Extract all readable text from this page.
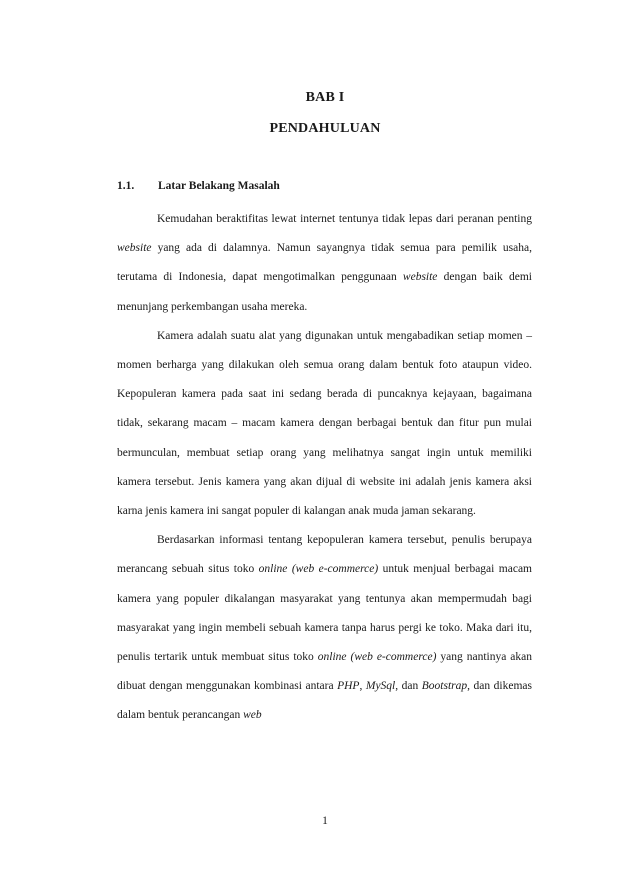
BAB I
PENDAHULUAN
1.1. Latar Belakang Masalah

Kemudahan beraktifitas lewat internet tentunya tidak lepas dari peranan penting website yang ada di dalamnya. Namun sayangnya tidak semua para pemilik usaha, terutama di Indonesia, dapat mengotimalkan penggunaan website dengan baik demi menunjang perkembangan usaha mereka.

Kamera adalah suatu alat yang digunakan untuk mengabadikan setiap momen – momen berharga yang dilakukan oleh semua orang dalam bentuk foto ataupun video. Kepopuleran kamera pada saat ini sedang berada di puncaknya kejayaan, bagaimana tidak, sekarang macam – macam kamera dengan berbagai bentuk dan fitur pun mulai bermunculan, membuat setiap orang yang melihatnya sangat ingin untuk memiliki kamera tersebut. Jenis kamera yang akan dijual di website ini adalah jenis kamera aksi karna jenis kamera ini sangat populer di kalangan anak muda jaman sekarang.

Berdasarkan informasi tentang kepopuleran kamera tersebut, penulis berupaya merancang sebuah situs toko online (web e-commerce) untuk menjual berbagai macam kamera yang populer dikalangan masyarakat yang tentunya akan mempermudah bagi masyarakat yang ingin membeli sebuah kamera tanpa harus pergi ke toko. Maka dari itu, penulis tertarik untuk membuat situs toko online (web e-commerce) yang nantinya akan dibuat dengan menggunakan kombinasi antara PHP, MySql, dan Bootstrap, dan dikemas dalam bentuk perancangan web

1
